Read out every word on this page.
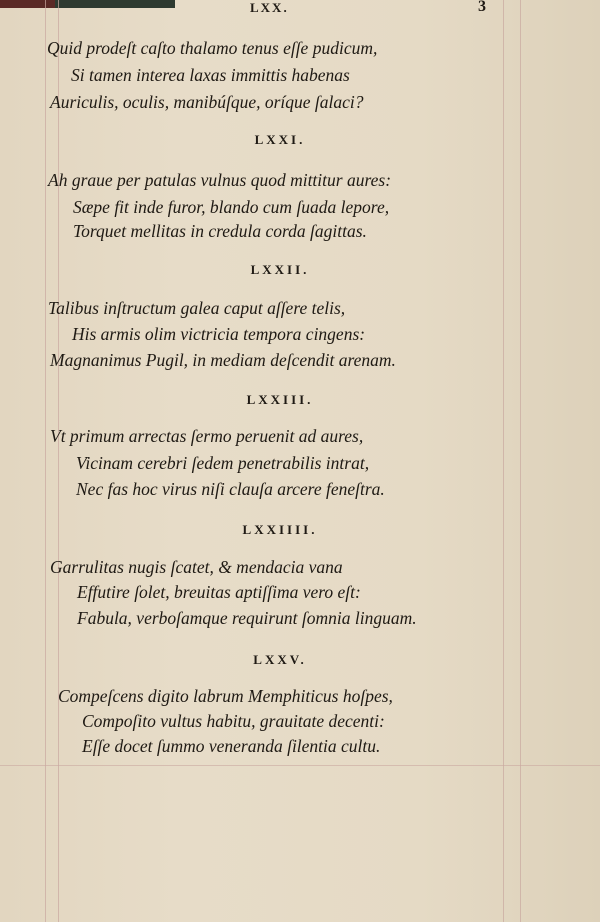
LXX.	3
Quid prodeſt caſto thalamo tenus eſſe pudicum,
Si tamen interea laxas immittis habenas
Auriculis, oculis, manibúſque, oríque ſalaci?
LXXI.
Ah graue per patulas vulnus quod mittitur aures:
Sæpe fit inde furor, blando cum ſuada lepore,
Torquet mellitas in credula corda ſagittas.
LXXII.
Talibus inſtructum galea caput aſſere telis,
His armis olim victricia tempora cingens:
Magnanimus Pugil, in mediam deſcendit arenam.
LXXIII.
Vt primum arrectas ſermo peruenit ad aures,
Vicinam cerebri ſedem penetrabilis intrat,
Nec fas hoc virus niſi clauſa arcere feneſtra.
LXXIIII.
Garrulitas nugis ſcatet, & mendacia vana
Effutire ſolet, breuitas aptiſſima vero eſt:
Fabula, verboſamque requirunt ſomnia linguam.
LXXV.
Compeſcens digito labrum Memphiticus hoſpes,
Compoſito vultus habitu, grauitate decenti:
Eſſe docet ſummo veneranda ſilentia cultu.
